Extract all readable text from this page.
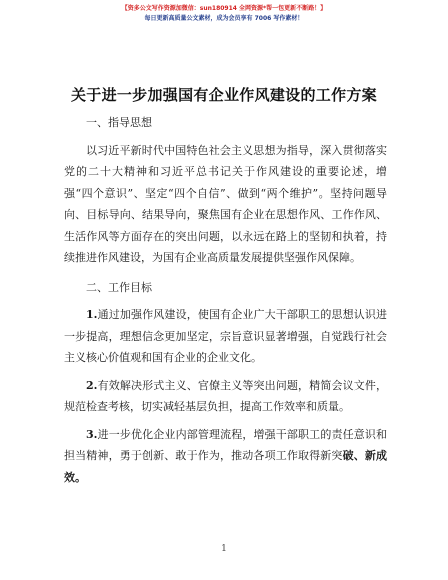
【资多公文写作资源加微信：sun180914 全网资源*帮一包更新不断路！】
每日更新高质量公文素材，成为会员享有 7006 写作素材！
关于进一步加强国有企业作风建设的工作方案

一、指导思想

以习近平新时代中国特色社会主义思想为指导，深入贯彻落实党的二十大精神和习近平总书记关于作风建设的重要论述，增强“四个意识”、坚定“四个自信”、做到“两个维护”。坚持问题导向、目标导向、结果导向，聚焦国有企业在思想作风、工作作风、生活作风等方面存在的突出问题，以永远在路上的坚韧和执着，持续推进作风建设，为国有企业高质量发展提供坚强作风保障。

二、工作目标

1.通过加强作风建设，使国有企业广大干部职工的思想认识进一步提高，理想信念更加坚定，宗旨意识显著增强，自觉践行社会主义核心价值观和国有企业的企业文化。

2.有效解决形式主义、官僚主义等突出问题，精简会议文件，规范检查考核，切实减轻基层负担，提高工作效率和质量。

3.进一步优化企业内部管理流程，增强干部职工的责任意识和担当精神，勇于创新、敢于作为，推动各项工作取得新突破、新成效。

1
